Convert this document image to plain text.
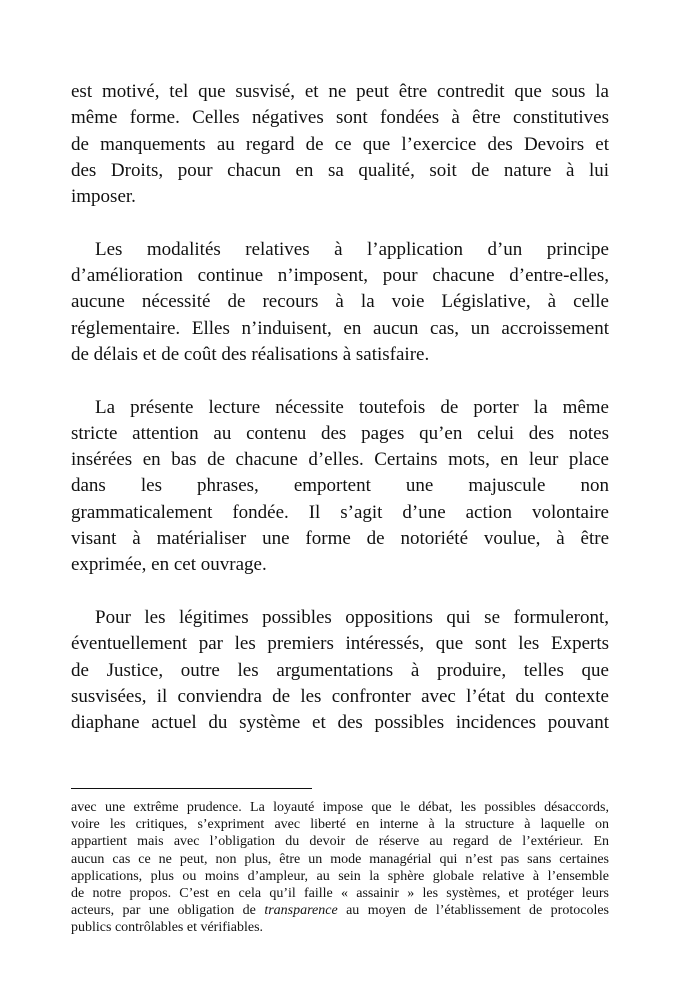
est motivé, tel que susvisé, et ne peut être contredit que sous la
même forme. Celles négatives sont fondées à être constitutives
de manquements au regard de ce que l’exercice des Devoirs et
des Droits, pour chacun en sa qualité, soit de nature à lui
imposer.
Les modalités relatives à l’application d’un principe
d’amélioration continue n’imposent, pour chacune d’entre-elles,
aucune nécessité de recours à la voie Législative, à celle
réglementaire. Elles n’induisent, en aucun cas, un accroissement
de délais et de coût des réalisations à satisfaire.
La présente lecture nécessite toutefois de porter la même
stricte attention au contenu des pages qu’en celui des notes
insérées en bas de chacune d’elles. Certains mots, en leur place
dans les phrases, emportent une majuscule non
grammaticalement fondée. Il s’agit d’une action volontaire
visant à matérialiser une forme de notoriété voulue, à être
exprimée, en cet ouvrage.
Pour les légitimes possibles oppositions qui se formuleront,
éventuellement par les premiers intéressés, que sont les Experts
de Justice, outre les argumentations à produire, telles que
susvisées, il conviendra de les confronter avec l’état du contexte
diaphane actuel du système et des possibles incidences pouvant
avec une extrême prudence. La loyauté impose que le débat, les possibles désaccords,
voire les critiques, s’expriment avec liberté en interne à la structure à laquelle on
appartient mais avec l’obligation du devoir de réserve au regard de l’extérieur. En
aucun cas ce ne peut, non plus, être un mode managérial qui n’est pas sans certaines
applications, plus ou moins d’ampleur, au sein la sphère globale relative à l’ensemble
de notre propos. C’est en cela qu’il faille « assainir » les systèmes, et protéger leurs
acteurs, par une obligation de transparence au moyen de l’établissement de protocoles
publics contrôlables et vérifiables.
